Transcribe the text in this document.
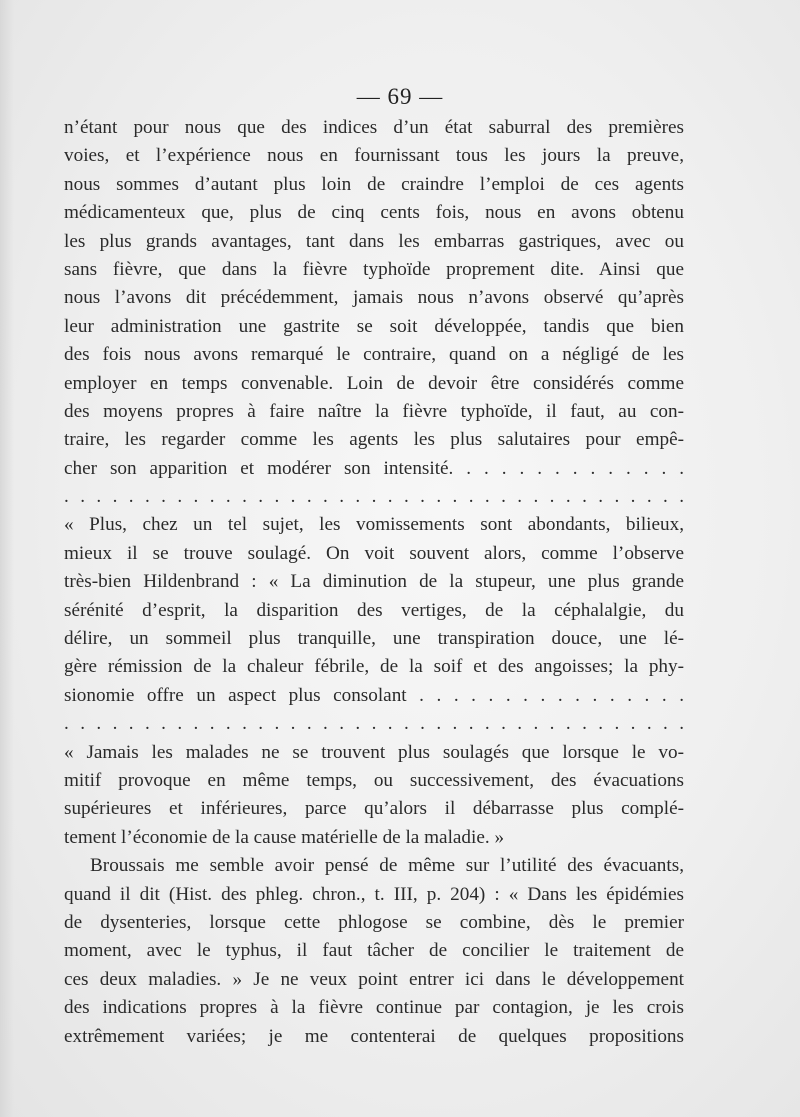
— 69 —
n’étant pour nous que des indices d’un état saburral des premières
voies, et l’expérience nous en fournissant tous les jours la preuve,
nous sommes d’autant plus loin de craindre l’emploi de ces agents
médicamenteux que, plus de cinq cents fois, nous en avons obtenu
les plus grands avantages, tant dans les embarras gastriques, avec ou
sans fièvre, que dans la fièvre typhoïde proprement dite. Ainsi que
nous l’avons dit précédemment, jamais nous n’avons observé qu’après
leur administration une gastrite se soit développée, tandis que bien
des fois nous avons remarqué le contraire, quand on a négligé de les
employer en temps convenable. Loin de devoir être considérés comme
des moyens propres à faire naître la fièvre typhoïde, il faut, au con-
traire, les regarder comme les agents les plus salutaires pour empê-
cher son apparition et modérer son intensité. . . . . . . . . . . . . .
. . . . . . . . . . . . . . . . . . . . . . . . . . . . . . . . . . . . . . .
« Plus, chez un tel sujet, les vomissements sont abondants, bilieux,
mieux il se trouve soulagé. On voit souvent alors, comme l’observe
très-bien Hildenbrand : « La diminution de la stupeur, une plus grande
sérénité d’esprit, la disparition des vertiges, de la céphalalgie, du
délire, un sommeil plus tranquille, une transpiration douce, une lé-
gère rémission de la chaleur fébrile, de la soif et des angoisses; la phy-
sionomie offre un aspect plus consolant . . . . . . . . . . . . . . . .
. . . . . . . . . . . . . . . . . . . . . . . . . . . . . . . . . . . . . . .
« Jamais les malades ne se trouvent plus soulagés que lorsque le vo-
mitif provoque en même temps, ou successivement, des évacuations
supérieures et inférieures, parce qu’alors il débarrasse plus complé-
tement l’économie de la cause matérielle de la maladie. »
Broussais me semble avoir pensé de même sur l’utilité des évacuants,
quand il dit (Hist. des phleg. chron., t. III, p. 204) : « Dans les épidémies
de dysenteries, lorsque cette phlogose se combine, dès le premier
moment, avec le typhus, il faut tâcher de concilier le traitement de
ces deux maladies. » Je ne veux point entrer ici dans le développement
des indications propres à la fièvre continue par contagion, je les crois
extrêmement variées; je me contenterai de quelques propositions
